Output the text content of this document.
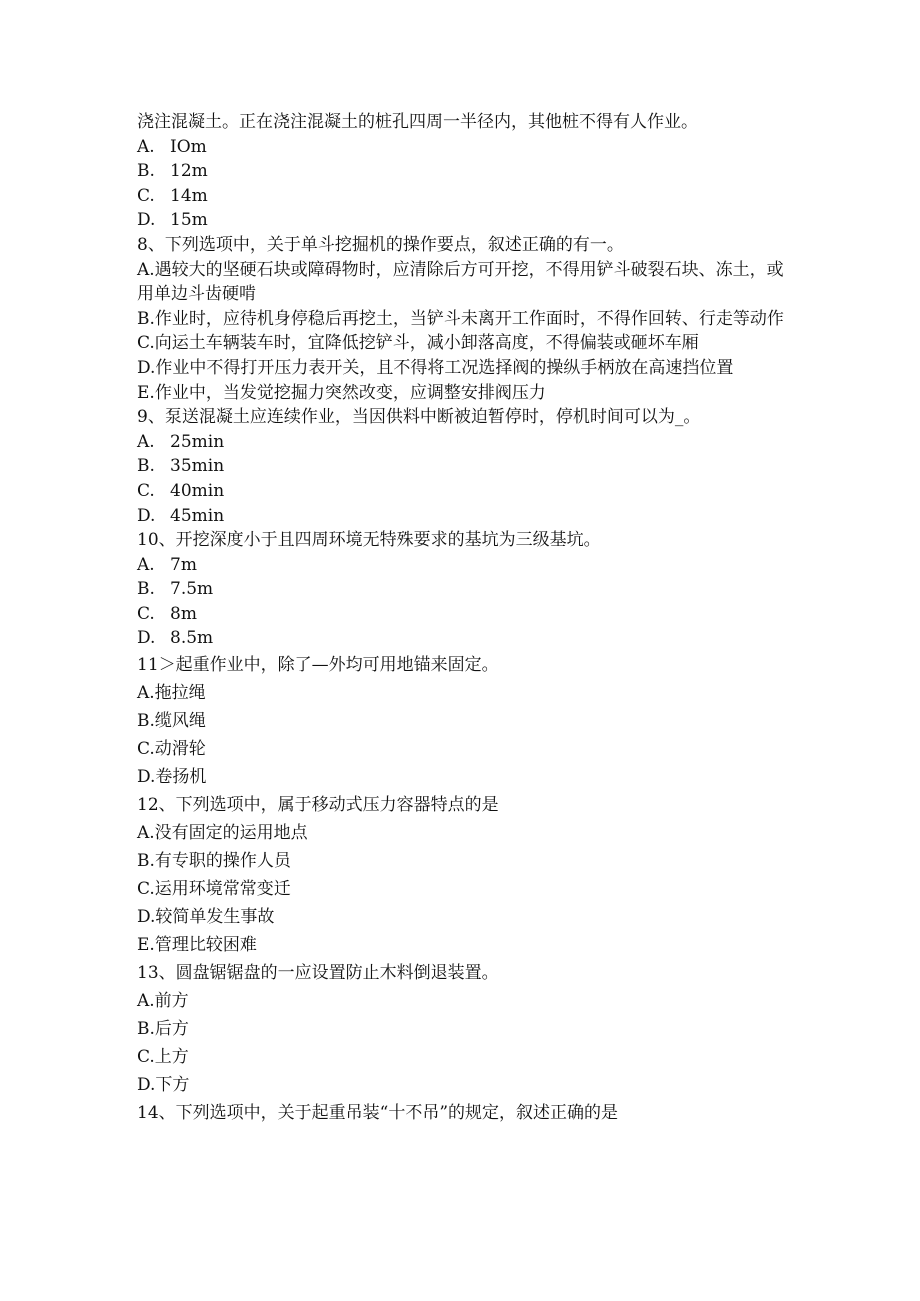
浇注混凝土。正在浇注混凝土的桩孔四周一半径内，其他桩不得有人作业。
A. IOm
B. 12m
C. 14m
D. 15m
8、下列选项中，关于单斗挖掘机的操作要点，叙述正确的有一。
A.遇较大的坚硬石块或障碍物时，应清除后方可开挖，不得用铲斗破裂石块、冻土，或用单边斗齿硬啃
B.作业时，应待机身停稳后再挖土，当铲斗未离开工作面时，不得作回转、行走等动作
C.向运土车辆装车时，宜降低挖铲斗，减小卸落高度，不得偏装或砸坏车厢
D.作业中不得打开压力表开关，且不得将工况选择阀的操纵手柄放在高速挡位置
E.作业中，当发觉挖掘力突然改变，应调整安排阀压力
9、泵送混凝土应连续作业，当因供料中断被迫暂停时，停机时间可以为_。
A. 25min
B. 35min
C. 40min
D. 45min
10、开挖深度小于且四周环境无特殊要求的基坑为三级基坑。
A. 7m
B. 7.5m
C. 8m
D. 8.5m
11＞起重作业中，除了—外均可用地锚来固定。
A.拖拉绳
B.缆风绳
C.动滑轮
D.卷扬机
12、下列选项中，属于移动式压力容器特点的是
A.没有固定的运用地点
B.有专职的操作人员
C.运用环境常常变迁
D.较简单发生事故
E.管理比较困难
13、圆盘锯锯盘的一应设置防止木料倒退装置。
A.前方
B.后方
C.上方
D.下方
14、下列选项中，关于起重吊装“十不吊”的规定，叙述正确的是
